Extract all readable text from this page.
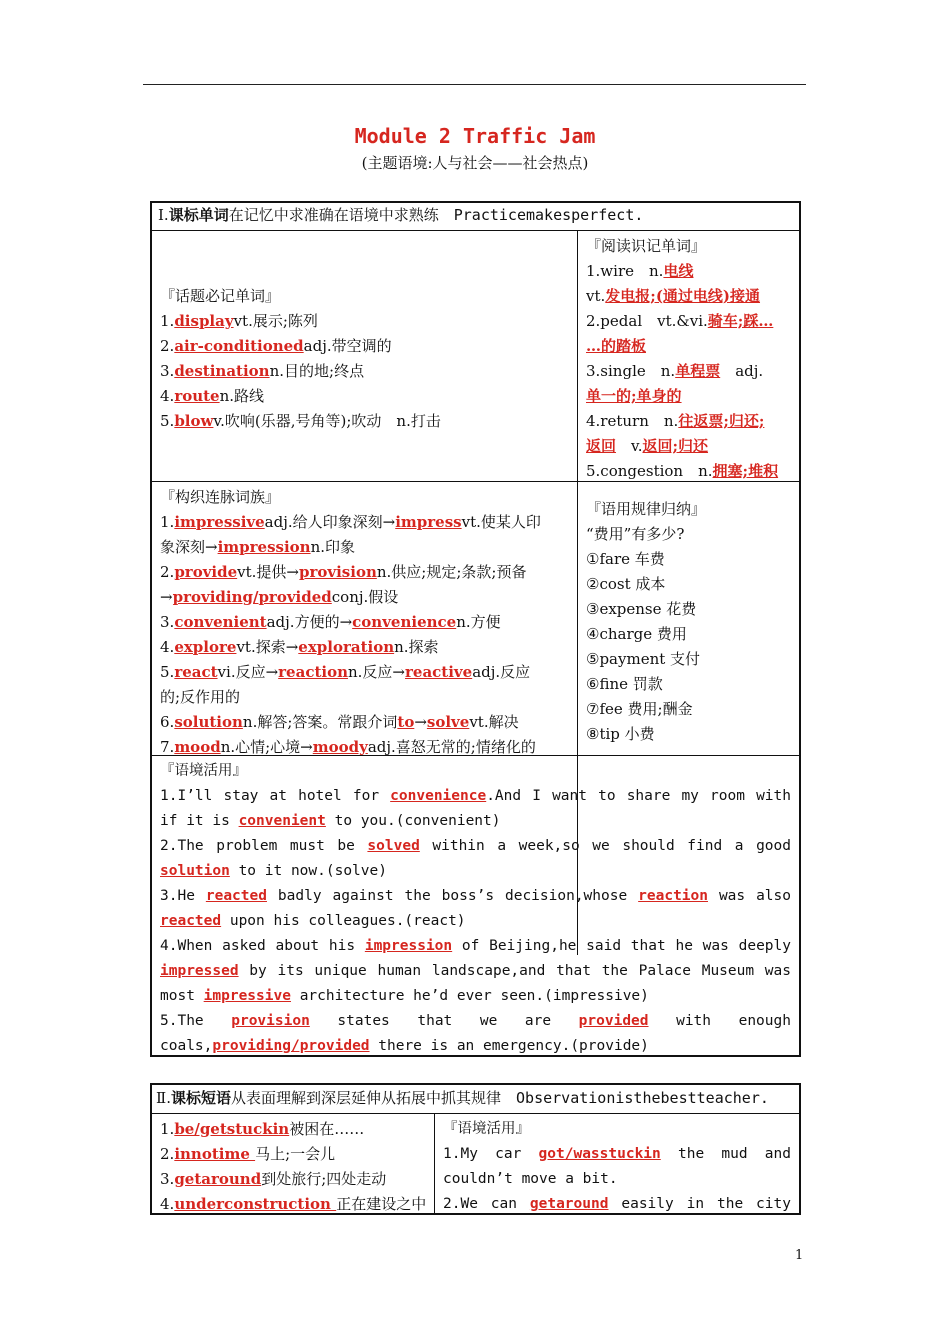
Module 2 Traffic Jam
(主题语境:人与社会——社会热点)
Ⅰ.课标单词在记忆中求准确在语境中求熟练　 Practicemakesperfect.
『话题必记单词』
1.displayvt.展示;陈列
2.air-conditionedadj.带空调的
3.destinationn.目的地;终点
4.routen.路线
5.blowv.吹响(乐器,号角等);吹动　n.打击
『阅读识记单词』
1.wire　n.电线
vt.发电报;(通过电线)接通
2.pedal　vt.&vi.骑车;踩…
…的踏板
3.single　n.单程票　adj.
单一的;单身的
4.return　n.往返票;归还;
返回　v.返回;归还
5.congestion　n.拥塞;堆积
『构织连脉词族』
1.impressiveadj.给人印象深刻→impressvt.使某人印
象深刻→impressionn.印象
2.providevt.提供→provisionn.供应;规定;条款;预备
→providing/providedconj.假设
3.convenientadj.方便的→conveniencen.方便
4.explorevt.探索→explorationn.探索
5.reactvi.反应→reactionn.反应→reactiveadj.反应
的;反作用的
6.solutionn.解答;答案。常跟介词to→solvevt.解决
7.moodn.心情;心境→moodyadj.喜怒无常的;情绪化的
『语用规律归纳』
“费用”有多少?
①fare 车费
②cost 成本
③expense 花费
④charge 费用
⑤payment 支付
⑥fine 罚款
⑦fee 费用;酬金
⑧tip 小费
『语境活用』
1.I’ll stay at hotel for convenience.And I want to share my room with
if it is convenient to you.(convenient)
2.The problem must be solved within a week,so we should find a good
solution to it now.(solve)
3.He reacted badly against the boss’s decision,whose reaction was also
reacted upon his colleagues.(react)
4.When asked about his impression of Beijing,he said that he was deeply
impressed by its unique human landscape,and that the Palace Museum was
most impressive architecture he’d ever seen.(impressive)
5.The provision states that we are provided with enough
coals,providing/provided there is an emergency.(provide)
Ⅱ.课标短语从表面理解到深层延伸从拓展中抓其规律　 Observationisthebestteacher.
1.be/getstuckin被困在……
2.innotime 马上;一会儿
3.getaround到处旅行;四处走动
4.underconstruction 正在建设之中
『语境活用』
1.My car got/wasstuckin the mud and
couldn’t move a bit.
2.We can getaround easily in the city
1
